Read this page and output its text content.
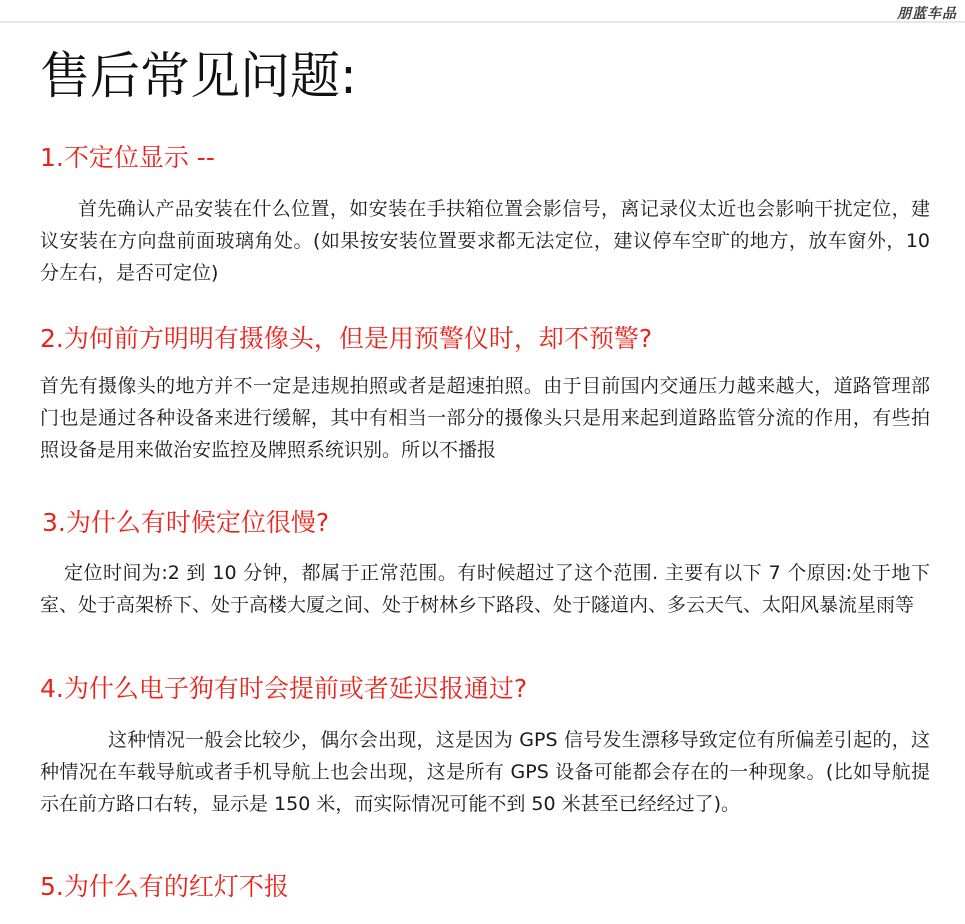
朋蓝车品
售后常见问题:
1.不定位显示 --

首先确认产品安装在什么位置，如安装在手扶箱位置会影信号，离记录仪太近也会影响干扰定位，建议安装在方向盘前面玻璃角处。(如果按安装位置要求都无法定位，建议停车空旷的地方，放车窗外，10 分左右，是否可定位)

2.为何前方明明有摄像头，但是用预警仪时，却不预警?

首先有摄像头的地方并不一定是违规拍照或者是超速拍照。由于目前国内交通压力越来越大，道路管理部门也是通过各种设备来进行缓解，其中有相当一部分的摄像头只是用来起到道路监管分流的作用，有些拍照设备是用来做治安监控及牌照系统识别。所以不播报

3.为什么有时候定位很慢?

定位时间为:2 到 10 分钟，都属于正常范围。有时候超过了这个范围. 主要有以下 7 个原因:处于地下室、处于高架桥下、处于高楼大厦之间、处于树林乡下路段、处于隧道内、多云天气、太阳风暴流星雨等

4.为什么电子狗有时会提前或者延迟报通过?

这种情况一般会比较少，偶尔会出现，这是因为 GPS 信号发生漂移导致定位有所偏差引起的，这种情况在车载导航或者手机导航上也会出现，这是所有 GPS 设备可能都会存在的一种现象。(比如导航提示在前方路口右转，显示是 150 米，而实际情况可能不到 50 米甚至已经经过了)。

5.为什么有的红灯不报
